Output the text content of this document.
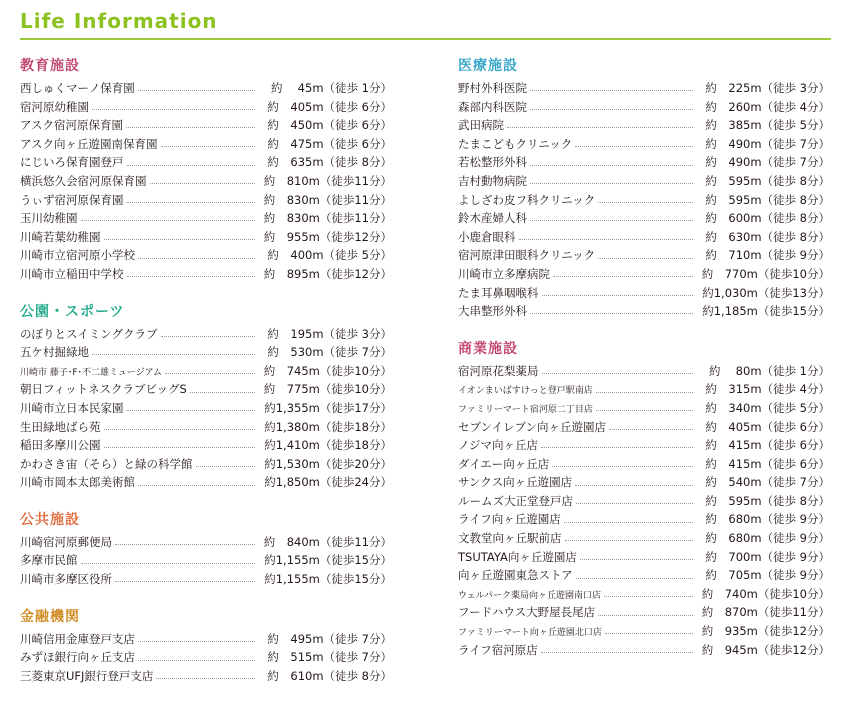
Life Information
教育施設
西しゅくマーノ保育園	約　 45m（徒歩 1分）
宿河原幼稚園	約　405m（徒歩 6分）
アスク宿河原保育園	約　450m（徒歩 6分）
アスク向ヶ丘遊園南保育園	約　475m（徒歩 6分）
にじいろ保育園登戸	約　635m（徒歩 8分）
横浜悠久会宿河原保育園	約　810m（徒歩11分）
うぃず宿河原保育園	約　830m（徒歩11分）
玉川幼稚園	約　830m（徒歩11分）
川崎若葉幼稚園	約　955m（徒歩12分）
川崎市立宿河原小学校	約　400m（徒歩 5分）
川崎市立稲田中学校	約　895m（徒歩12分）
公園・スポーツ
のぼりとスイミングクラブ	約　195m（徒歩 3分）
五ケ村掘緑地	約　530m（徒歩 7分）
川崎市 藤子･F･不二雄ミュージアム	約　745m（徒歩10分）
朝日フィットネスクラブビッグS	約　775m（徒歩10分）
川崎市立日本民家園	約1,355m（徒歩17分）
生田緑地ばら苑	約1,380m（徒歩18分）
稲田多摩川公園	約1,410m（徒歩18分）
かわさき宙（そら）と緑の科学館	約1,530m（徒歩20分）
川崎市岡本太郎美術館	約1,850m（徒歩24分）
公共施設
川崎宿河原郵便局	約　840m（徒歩11分）
多摩市民館	約1,155m（徒歩15分）
川崎市多摩区役所	約1,155m（徒歩15分）
金融機関
川崎信用金庫登戸支店	約　495m（徒歩 7分）
みずほ銀行向ヶ丘支店	約　515m（徒歩 7分）
三菱東京UFJ銀行登戸支店	約　610m（徒歩 8分）
医療施設
野村外科医院	約　225m（徒歩 3分）
森部内科医院	約　260m（徒歩 4分）
武田病院	約　385m（徒歩 5分）
たまこどもクリニック	約　490m（徒歩 7分）
若松整形外科	約　490m（徒歩 7分）
吉村動物病院	約　595m（徒歩 8分）
よしざわ皮フ科クリニック	約　595m（徒歩 8分）
鈴木産婦人科	約　600m（徒歩 8分）
小鹿倉眼科	約　630m（徒歩 8分）
宿河原津田眼科クリニック	約　710m（徒歩 9分）
川崎市立多摩病院	約　770m（徒歩10分）
たま耳鼻咽喉科	約1,030m（徒歩13分）
大串整形外科	約1,185m（徒歩15分）
商業施設
宿河原花梨薬局	約　 80m（徒歩 1分）
イオンまいばすけっと登戸駅南店	約　315m（徒歩 4分）
ファミリーマート宿河原二丁目店	約　340m（徒歩 5分）
セブンイレブン向ヶ丘遊園店	約　405m（徒歩 6分）
ノジマ向ヶ丘店	約　415m（徒歩 6分）
ダイエー向ヶ丘店	約　415m（徒歩 6分）
サンクス向ヶ丘遊園店	約　540m（徒歩 7分）
ルームズ大正堂登戸店	約　595m（徒歩 8分）
ライフ向ヶ丘遊園店	約　680m（徒歩 9分）
文教堂向ヶ丘駅前店	約　680m（徒歩 9分）
TSUTAYA向ヶ丘遊園店	約　700m（徒歩 9分）
向ヶ丘遊園東急ストア	約　705m（徒歩 9分）
ウェルパーク薬局向ヶ丘遊園南口店	約　740m（徒歩10分）
フードハウス大野屋長尾店	約　870m（徒歩11分）
ファミリーマート向ヶ丘遊園北口店	約　935m（徒歩12分）
ライフ宿河原店	約　945m（徒歩12分）
